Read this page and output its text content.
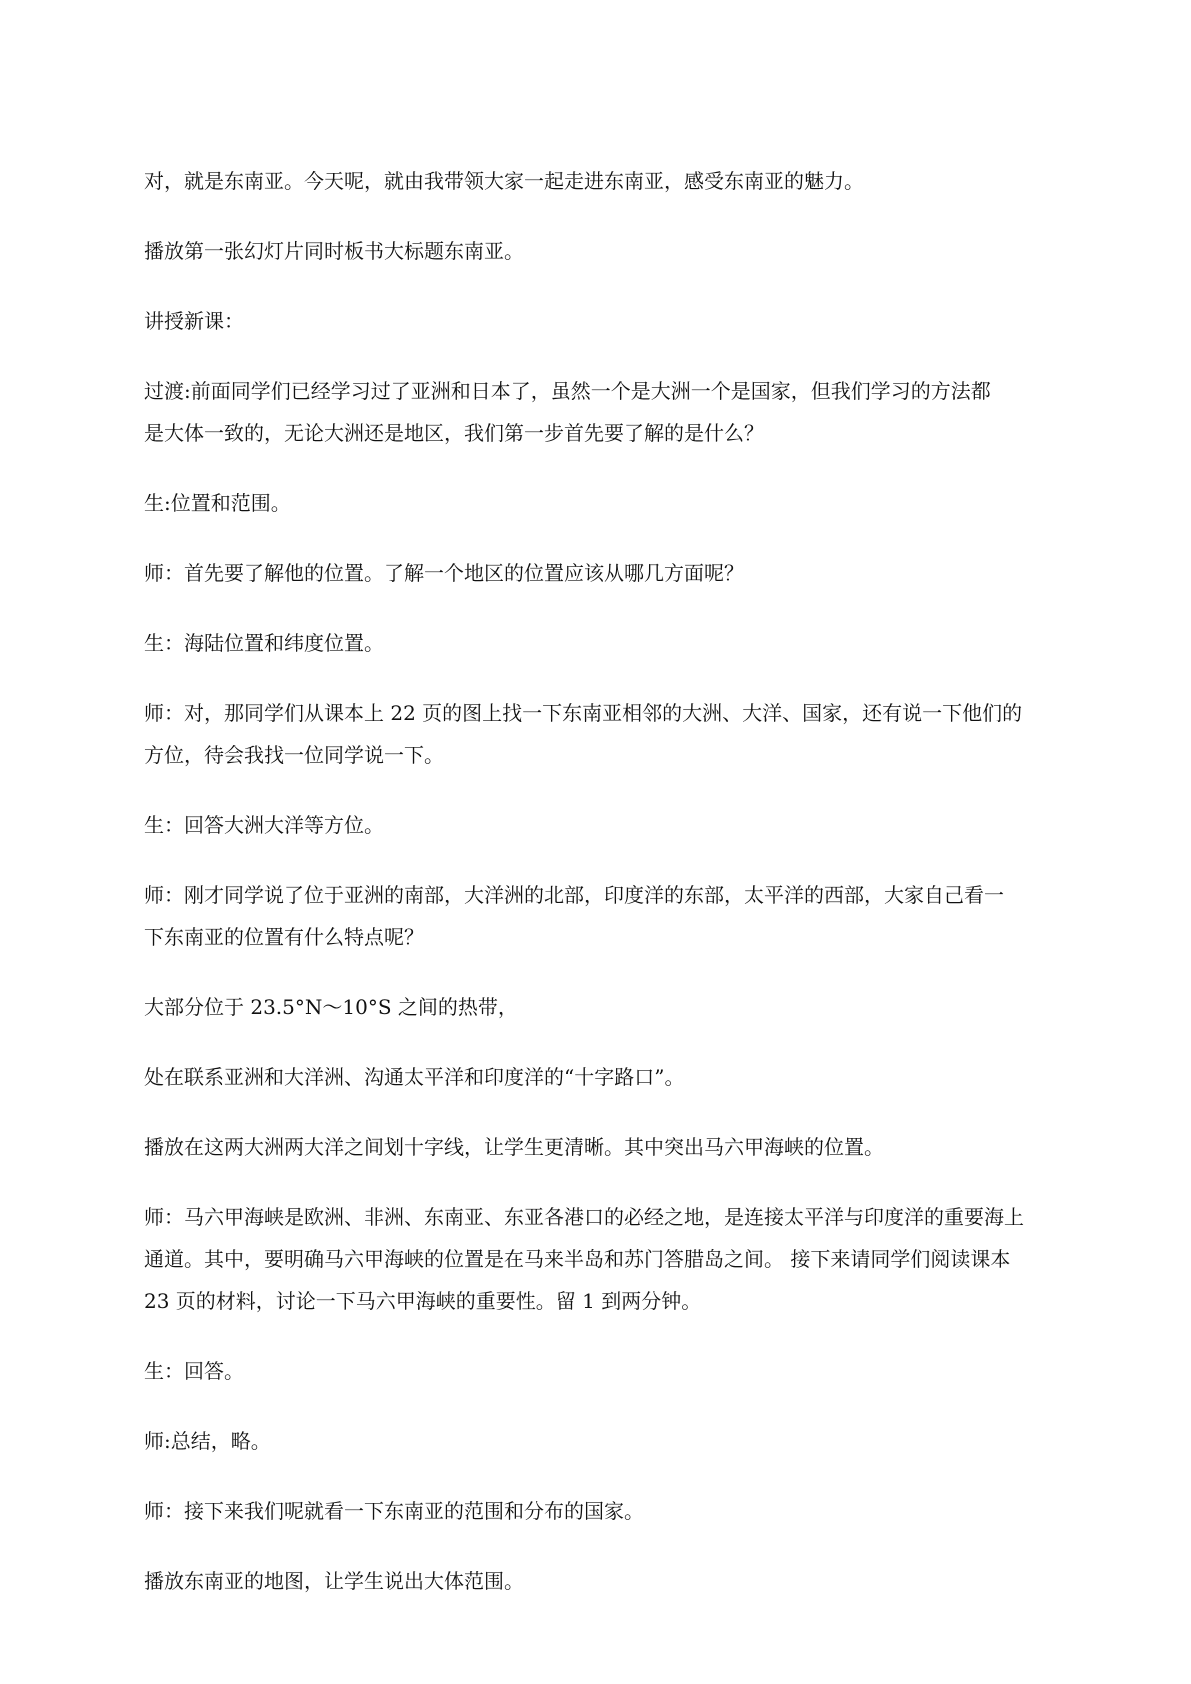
对，就是东南亚。今天呢，就由我带领大家一起走进东南亚，感受东南亚的魅力。

播放第一张幻灯片同时板书大标题东南亚。

讲授新课：

过渡:前面同学们已经学习过了亚洲和日本了，虽然一个是大洲一个是国家，但我们学习的方法都
是大体一致的，无论大洲还是地区，我们第一步首先要了解的是什么？

生:位置和范围。

师：首先要了解他的位置。了解一个地区的位置应该从哪几方面呢？

生：海陆位置和纬度位置。

师：对，那同学们从课本上 22 页的图上找一下东南亚相邻的大洲、大洋、国家，还有说一下他们的
方位，待会我找一位同学说一下。

生：回答大洲大洋等方位。

师：刚才同学说了位于亚洲的南部，大洋洲的北部，印度洋的东部，太平洋的西部，大家自己看一
下东南亚的位置有什么特点呢？

大部分位于 23.5°N～10°S 之间的热带，

处在联系亚洲和大洋洲、沟通太平洋和印度洋的“十字路口”。

播放在这两大洲两大洋之间划十字线，让学生更清晰。其中突出马六甲海峡的位置。

师：马六甲海峡是欧洲、非洲、东南亚、东亚各港口的必经之地，是连接太平洋与印度洋的重要海上
通道。其中，要明确马六甲海峡的位置是在马来半岛和苏门答腊岛之间。 接下来请同学们阅读课本
23 页的材料，讨论一下马六甲海峡的重要性。留 1 到两分钟。

生：回答。

师:总结，略。

师：接下来我们呢就看一下东南亚的范围和分布的国家。

播放东南亚的地图，让学生说出大体范围。
